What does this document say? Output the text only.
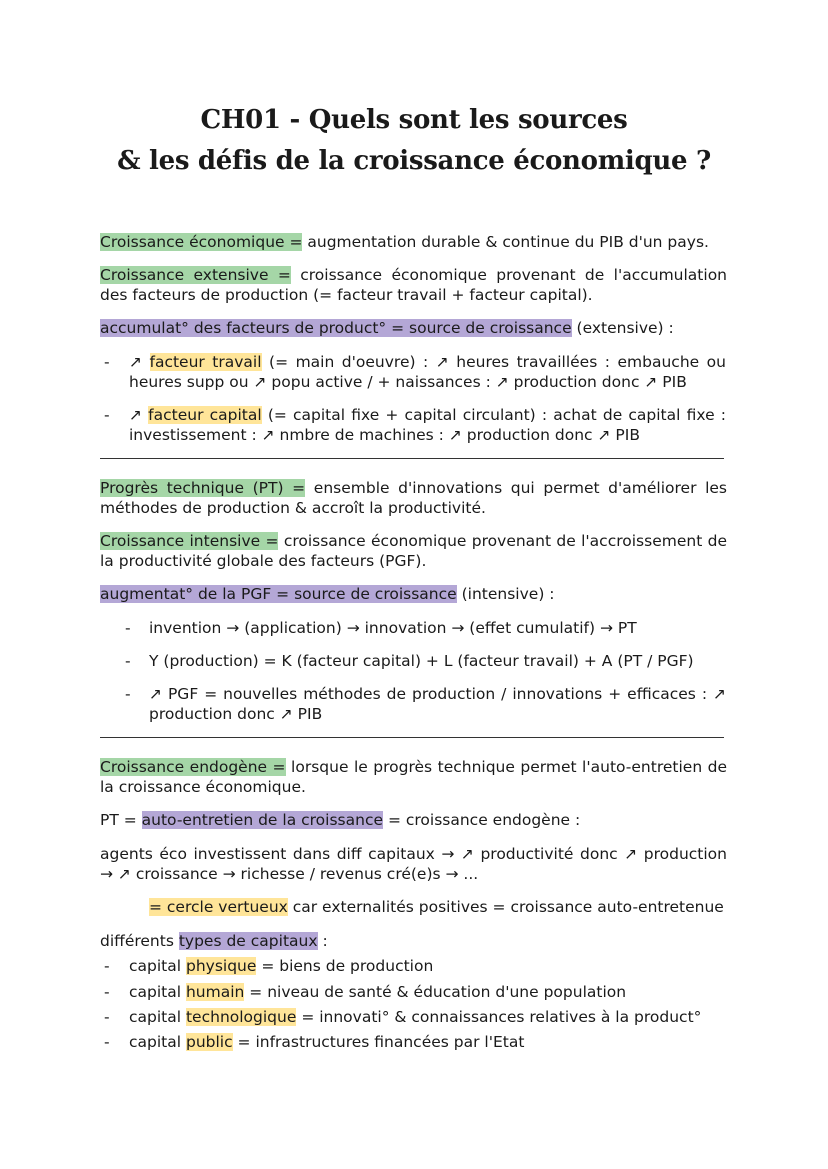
CH01 - Quels sont les sources
& les défis de la croissance économique ?
Croissance économique = augmentation durable & continue du PIB d'un pays.
Croissance extensive = croissance économique provenant de l'accumulation des facteurs de production (= facteur travail + facteur capital).
accumulat° des facteurs de product° = source de croissance (extensive) :
- ↗ facteur travail (= main d'oeuvre) : ↗ heures travaillées : embauche ou heures supp ou ↗ popu active / + naissances : ↗ production donc ↗ PIB
- ↗ facteur capital (= capital fixe + capital circulant) : achat de capital fixe : investissement : ↗ nmbre de machines : ↗ production donc ↗ PIB
Progrès technique (PT) = ensemble d'innovations qui permet d'améliorer les méthodes de production & accroît la productivité.
Croissance intensive = croissance économique provenant de l'accroissement de la productivité globale des facteurs (PGF).
augmentat° de la PGF = source de croissance (intensive) :
- invention → (application) → innovation → (effet cumulatif) → PT
- Y (production) = K (facteur capital) + L (facteur travail) + A (PT / PGF)
- ↗ PGF = nouvelles méthodes de production / innovations + efficaces : ↗ production donc ↗ PIB
Croissance endogène = lorsque le progrès technique permet l'auto-entretien de la croissance économique.
PT = auto-entretien de la croissance = croissance endogène :
agents éco investissent dans diff capitaux → ↗ productivité donc ↗ production → ↗ croissance → richesse / revenus cré(e)s → ...
= cercle vertueux car externalités positives = croissance auto-entretenue
différents types de capitaux :
- capital physique = biens de production
- capital humain = niveau de santé & éducation d'une population
- capital technologique = innovati° & connaissances relatives à la product°
- capital public = infrastructures financées par l'Etat
